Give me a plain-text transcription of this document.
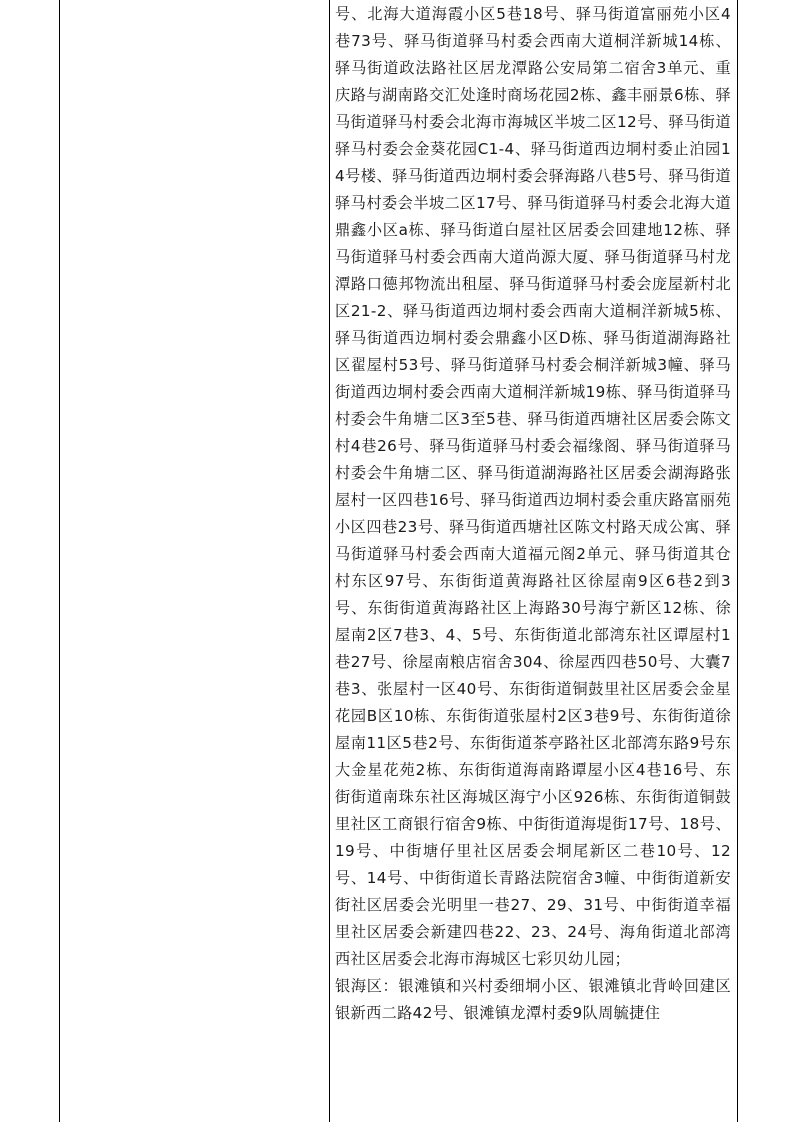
号、北海大道海霞小区5巷18号、驿马街道富丽苑小区4巷73号、驿马街道驿马村委会西南大道桐洋新城14栋、驿马街道政法路社区居龙潭路公安局第二宿舍3单元、重庆路与湖南路交汇处逢时商场花园2栋、鑫丰丽景6栋、驿马街道驿马村委会北海市海城区半坡二区12号、驿马街道驿马村委会金葵花园C1-4、驿马街道西边垌村委止泊园14号楼、驿马街道西边垌村委会驿海路八巷5号、驿马街道驿马村委会半坡二区17号、驿马街道驿马村委会北海大道鼎鑫小区a栋、驿马街道白屋社区居委会回建地12栋、驿马街道驿马村委会西南大道尚源大厦、驿马街道驿马村龙潭路口德邦物流出租屋、驿马街道驿马村委会庞屋新村北区21-2、驿马街道西边垌村委会西南大道桐洋新城5栋、驿马街道西边垌村委会鼎鑫小区D栋、驿马街道湖海路社区翟屋村53号、驿马街道驿马村委会桐洋新城3幢、驿马街道西边垌村委会西南大道桐洋新城19栋、驿马街道驿马村委会牛角塘二区3至5巷、驿马街道西塘社区居委会陈文村4巷26号、驿马街道驿马村委会福缘阁、驿马街道驿马村委会牛角塘二区、驿马街道湖海路社区居委会湖海路张屋村一区四巷16号、驿马街道西边垌村委会重庆路富丽苑小区四巷23号、驿马街道西塘社区陈文村路天成公寓、驿马街道驿马村委会西南大道福元阁2单元、驿马街道其仓村东区97号、东街街道黄海路社区徐屋南9区6巷2到3号、东街街道黄海路社区上海路30号海宁新区12栋、徐屋南2区7巷3、4、5号、东街街道北部湾东社区谭屋村1巷27号、徐屋南粮店宿舍304、徐屋西四巷50号、大囊7巷3、张屋村一区40号、东街街道铜鼓里社区居委会金星花园B区10栋、东街街道张屋村2区3巷9号、东街街道徐屋南11区5巷2号、东街街道茶亭路社区北部湾东路9号东大金星花苑2栋、东街街道海南路谭屋小区4巷16号、东街街道南珠东社区海城区海宁小区926栋、东街街道铜鼓里社区工商银行宿舍9栋、中街街道海堤街17号、18号、19号、中街塘仔里社区居委会垌尾新区二巷10号、12号、14号、中街街道长青路法院宿舍3幢、中街街道新安街社区居委会光明里一巷27、29、31号、中街街道幸福里社区居委会新建四巷22、23、24号、海角街道北部湾西社区居委会北海市海城区七彩贝幼儿园；

银海区：银滩镇和兴村委细垌小区、银滩镇北背岭回建区银新西二路42号、银滩镇龙潭村委9队周毓捷住
